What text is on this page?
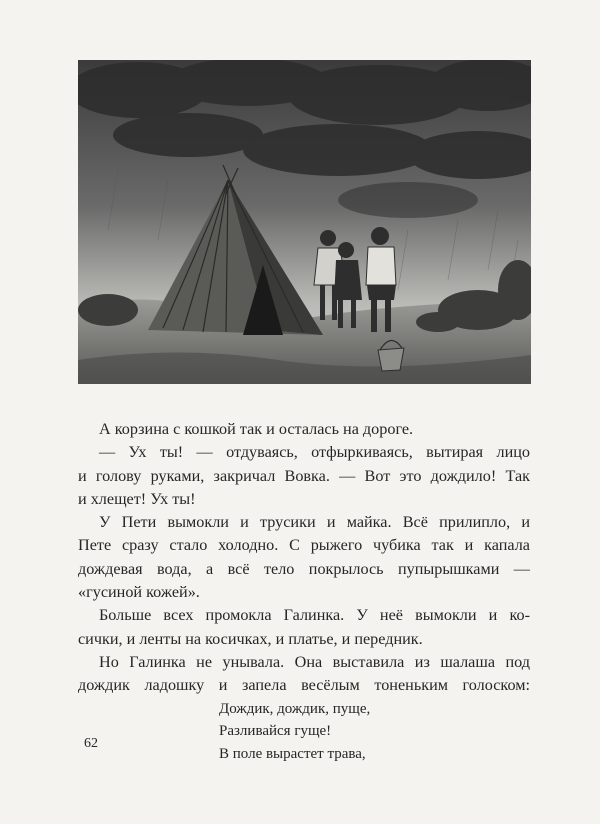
А корзина с кошкой так и осталась на дороге.

— Ух ты! — отдуваясь, отфыркиваясь, вытирая лицо

и голову руками, закричал Вовка. — Вот это дождило! Так

и хлещет! Ух ты!

У Пети вымокли и трусики и майка. Всё прилипло, и

Пете сразу стало холодно. С рыжего чубика так и капала

дождевая вода, а всё тело покрылось пупырышками —

«гусиной кожей».

Больше всех промокла Галинка. У неё вымокли и ко-

сички, и ленты на косичках, и платье, и передник.

Но Галинка не унывала. Она выставила из шалаша под

дождик ладошку и запела весёлым тоненьким голоском:

Дождик, дождик, пуще,
Разливайся гуще!
В поле вырастет трава,
62
